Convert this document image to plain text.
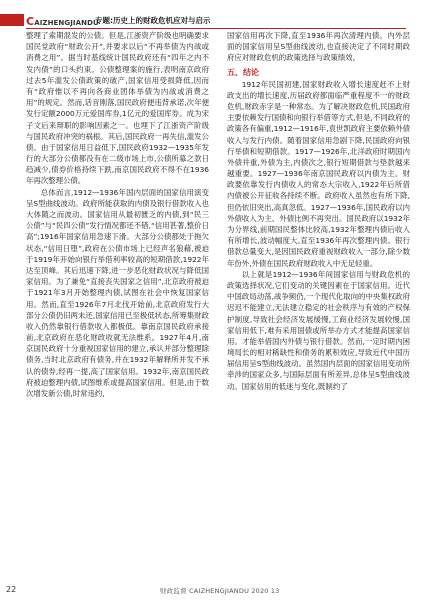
CAIZHENGJIANDU
专题:历史上的财政危机应对与启示

整理了索期混发的公债。但是,江浙资产阶级也明确要求国民党政府“财政公开”,并要求以后“不再举债为内战或消费之用”。据当时基线统计国民政府还有“四年之内不发内债”的口头约束。公债整理案的施行,表明南京政府过去5年滥发公债政策的破产,国家信用受损降低,因而有“政府惟以不再向各商业团体举债为内战或消费之用”的规定。然而,话音刚落,国民政府便违背承诺,次年便发行定额2000万元爱国库券,1亿元的爱国库券。成为宋子文后来辩职的影响因素之一。也埋下了江浙资产阶级与国民政府冲突的祸根。其后,国民政府一再失信,滥发公债。由于国家信用日益低下,国民政府1932—1935年发行的大部分公债都没有在二级市场上市,公债所募之款日趋减少,债券价格持续下跌,南京国民政府不得不在1936年再次整理公债。

总体而言,1912—1936年国内层面的国家信用演变呈S型曲线波动。政府所能获取的内债及银行借款收入也大体随之而波动。国家信用从最初匮乏的内债,到“民三公债”与“民四公债”发行情况都还不错,“信用甚著,整价日高”;1916年国家信用急速下滑。大部分公债都处于拖欠状态,“信用日堕”,政府在公债市场上已经声名狼藉,被迫于1919年开始向银行举借利率较高的短期借款,1922年达至顶峰。其后迅速下降,进一步恶化财政状况与降低国家信用。为了兼免“直接丧失国家之信用”,北京政府被迫于1921年3月开始整理内债,试图在社会中恢复国家信用。然而,直至1926年7月北伐开始前,北京政府发行大部分公债仍旧两未还,国家信用已至极低状态,所筹集财政收入仍然靠银行借款收入都极低。靠南京国民政府承接前,北京政府在恶化财政收就无法维系。1927年4月,南京国民政府十分重视国家信用的建立,承认并部分整理除债务,当时北京政府有债务,并在1932年解释所并发不承认的债券,经再一提,高了国家信用。1932年,南京国民政府被迫整理内债,试图维系或提高国家信用。但是,由于数次增发新公债,时常违约,

国家信用再次下降,直至1936年再次清理内债。内外层面的国家信用呈S型曲线波动,也直接决定了不同时期政府应对财政危机的政策选择与政策绩效。

五、结论

1912年民国初建,国家财政收入增长速度赶不上财政支出的增长速度,历届政府都面临严重程度不一的财政危机,财政赤字是一种常态。为了解决财政危机,民国政府主要依赖发行国债和向银行举借等方式,但是,不同政府的政策各有偏重,1912—1916年,袁世凯政府主要依赖外债收入与发行内债。随着国家信用急剧下降,民国政府向银行举债和短期借款。1917—1926年,北洋政府时期国内外债并重,外债为主,内债次之,银行短期借款与垫款越来越重要。1927—1936年南京国民政府以内债为主。财政要依靠发行内债收入的常态大宗收入,1922年后所借内债被公开征收各持续不断。政府收入虽然也有所下降,但仍依旧突出,高真忽低。1927—1936年,国民政府以内外债收入为主、外债比例不再突出。国民政府以1932年为分界线,前期国民整体比较高,1932年整理内债后收入有所增长,波动幅度大,直至1936年再次整理内债。银行借款总量变大,是因国民政府重视财政收入一部分,除少数年份外,外债在国民政府财政收入中无足轻重。

以上就是1912—1936年间国家信用与财政危机的政策选择状况,它们变动的关键因素在于国家信用。近代中国政局动荡,战争频仍,一个现代化取向的中央集权政府迟迟不能建立,无法建立稳定的社会秩序与有效的产权保护制度,导致社会经济发展缓慢,工商业经济发展较慢,国家信用低下,难有采用国债或所举办方式才能提高国家信用。才能举借国内外债与银行借款。然而,一定时期内困境局长的相对稀缺性和债务的累积效应,导致近代中国历届信用呈S型曲线波动。虽然国内层面的国家信用变动所牵涉的国家众多,与国际层面有所差异,总体呈S型曲线波动。国家信用的低迷与变化,既制约了

22	财政监督 CAIZHENGJIANDU 2020 13
